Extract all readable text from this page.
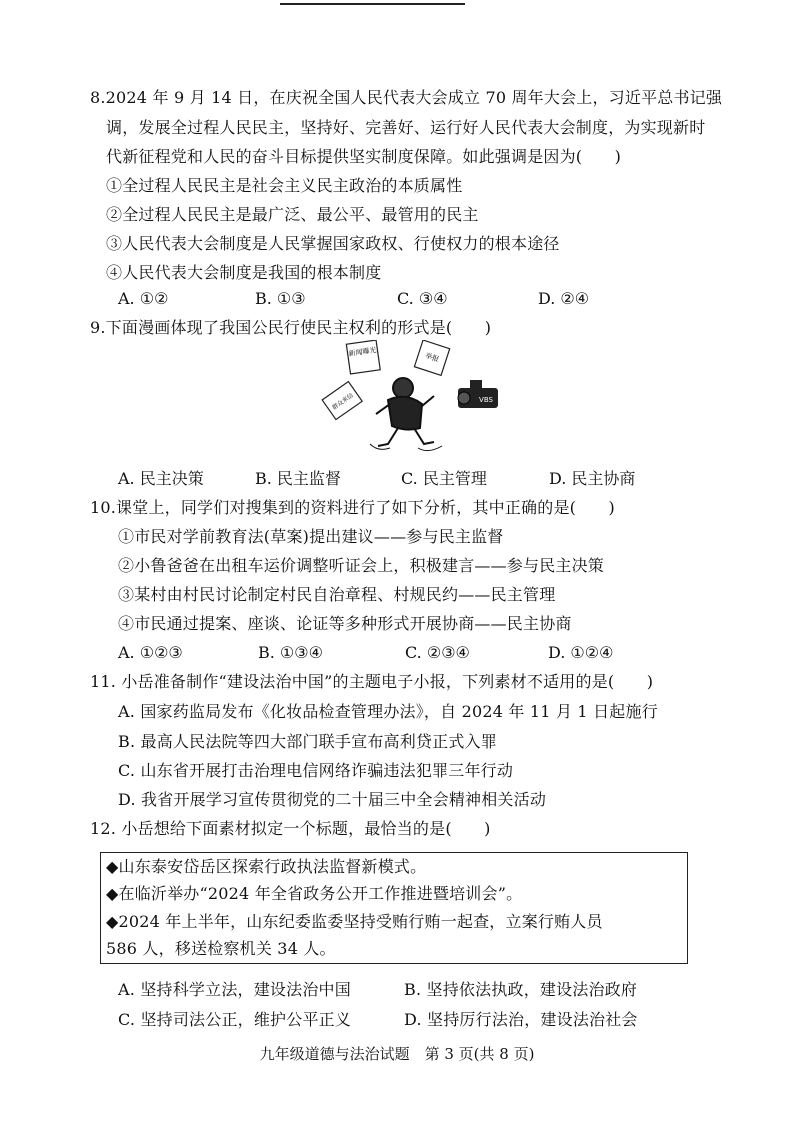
8.2024 年 9 月 14 日，在庆祝全国人民代表大会成立 70 周年大会上，习近平总书记强
调，发展全过程人民民主，坚持好、完善好、运行好人民代表大会制度，为实现新时
代新征程党和人民的奋斗目标提供坚实制度保障。如此强调是因为(　　)
①全过程人民民主是社会主义民主政治的本质属性
②全过程人民民主是最广泛、最公平、最管用的民主
③人民代表大会制度是人民掌握国家政权、行使权力的根本途径
④人民代表大会制度是我国的根本制度
A. ①②	B. ①③	C. ③④	D. ②④
9.下面漫画体现了我国公民行使民主权利的形式是(　　)
新闻曝光	举报
群众来信	VBS
A. 民主决策	B. 民主监督	C. 民主管理	D. 民主协商
10.课堂上，同学们对搜集到的资料进行了如下分析，其中正确的是(　　)
①市民对学前教育法(草案)提出建议——参与民主监督
②小鲁爸爸在出租车运价调整听证会上，积极建言——参与民主决策
③某村由村民讨论制定村民自治章程、村规民约——民主管理
④市民通过提案、座谈、论证等多种形式开展协商——民主协商
A. ①②③	B. ①③④	C. ②③④	D. ①②④
11. 小岳准备制作“建设法治中国”的主题电子小报，下列素材不适用的是(　　)
A. 国家药监局发布《化妆品检查管理办法》，自 2024 年 11 月 1 日起施行
B. 最高人民法院等四大部门联手宣布高利贷正式入罪
C. 山东省开展打击治理电信网络诈骗违法犯罪三年行动
D. 我省开展学习宣传贯彻党的二十届三中全会精神相关活动
12. 小岳想给下面素材拟定一个标题，最恰当的是(　　)
◆山东泰安岱岳区探索行政执法监督新模式。
◆在临沂举办“2024 年全省政务公开工作推进暨培训会”。
◆2024 年上半年，山东纪委监委坚持受贿行贿一起查，立案行贿人员
586 人，移送检察机关 34 人。
A. 坚持科学立法，建设法治中国	B. 坚持依法执政，建设法治政府
C. 坚持司法公正，维护公平正义	D. 坚持厉行法治，建设法治社会
九年级道德与法治试题　第 3 页(共 8 页)
